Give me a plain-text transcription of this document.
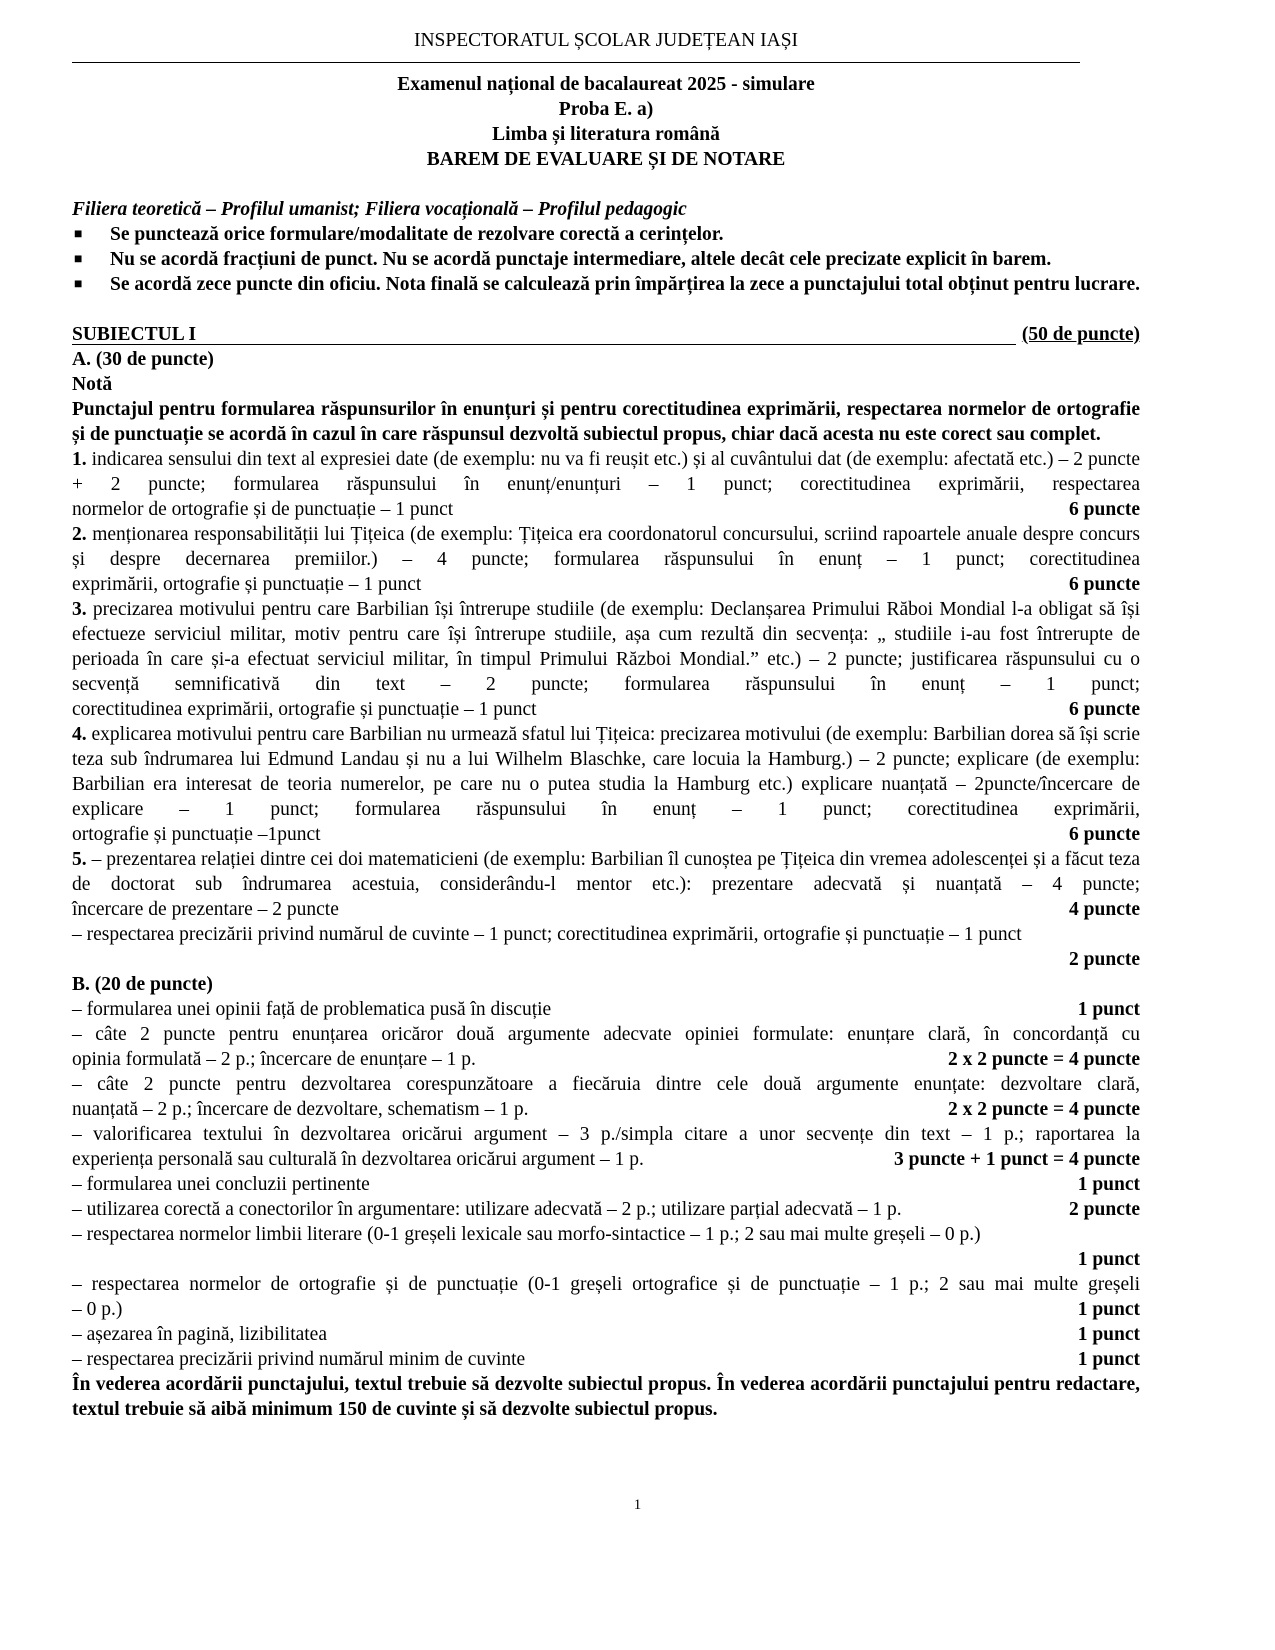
INSPECTORATUL ȘCOLAR JUDEȚEAN IAȘI
Examenul național de bacalaureat 2025 - simulare
Proba E. a)
Limba și literatura română
BAREM DE EVALUARE ȘI DE NOTARE
Filiera teoretică – Profilul umanist; Filiera vocațională – Profilul pedagogic
■	Se punctează orice formulare/modalitate de rezolvare corectă a cerințelor.
■	Nu se acordă fracțiuni de punct. Nu se acordă punctaje intermediare, altele decât cele precizate explicit în barem.
■	Se acordă zece puncte din oficiu. Nota finală se calculează prin împărțirea la zece a punctajului total obținut pentru lucrare.
SUBIECTUL I	(50 de puncte)
A. (30 de puncte)
Notă
Punctajul pentru formularea răspunsurilor în enunțuri și pentru corectitudinea exprimării, respectarea normelor de ortografie și de punctuație se acordă în cazul în care răspunsul dezvoltă subiectul propus, chiar dacă acesta nu este corect sau complet.
1. indicarea sensului din text al expresiei date (de exemplu: nu va fi reușit etc.) și al cuvântului dat (de exemplu: afectată etc.) – 2 puncte + 2 puncte; formularea răspunsului în enunț/enunțuri – 1 punct; corectitudinea exprimării, respectarea
normelor de ortografie și de punctuație – 1 punct	6 puncte
2. menționarea responsabilității lui Țițeica (de exemplu: Țițeica era coordonatorul concursului, scriind rapoartele anuale despre concurs și despre decernarea premiilor.) – 4 puncte; formularea răspunsului în enunț – 1 punct; corectitudinea
exprimării, ortografie și punctuație – 1 punct	6 puncte
3. precizarea motivului pentru care Barbilian își întrerupe studiile (de exemplu: Declanșarea Primului Răboi Mondial l-a obligat să își efectueze serviciul militar, motiv pentru care își întrerupe studiile, așa cum rezultă din secvența: „ studiile i-au fost întrerupte de perioada în care și-a efectuat serviciul militar, în timpul Primului Război Mondial.” etc.) – 2 puncte; justificarea răspunsului cu o secvență semnificativă din text – 2 puncte; formularea răspunsului în enunț – 1 punct;
corectitudinea exprimării, ortografie și punctuație – 1 punct	6 puncte
4. explicarea motivului pentru care Barbilian nu urmează sfatul lui Țițeica: precizarea motivului (de exemplu: Barbilian dorea să își scrie teza sub îndrumarea lui Edmund Landau și nu a lui Wilhelm Blaschke, care locuia la Hamburg.) – 2 puncte; explicare (de exemplu: Barbilian era interesat de teoria numerelor, pe care nu o putea studia la Hamburg etc.) explicare nuanțată – 2puncte/încercare de explicare – 1 punct; formularea răspunsului în enunț – 1 punct; corectitudinea exprimării,
ortografie și punctuație –1punct	6 puncte
5. – prezentarea relației dintre cei doi matematicieni (de exemplu: Barbilian îl cunoștea pe Țițeica din vremea adolescenței și a făcut teza de doctorat sub îndrumarea acestuia, considerându-l mentor etc.): prezentare adecvată și nuanțată – 4 puncte;
încercare de prezentare – 2 puncte	4 puncte
– respectarea precizării privind numărul de cuvinte – 1 punct; corectitudinea exprimării, ortografie și punctuație – 1 punct
2 puncte
B. (20 de puncte)
– formularea unei opinii față de problematica pusă în discuție	1 punct
– câte 2 puncte pentru enunțarea oricăror două argumente adecvate opiniei formulate: enunțare clară, în concordanță cu
opinia formulată – 2 p.; încercare de enunțare – 1 p.	2 x 2 puncte = 4 puncte
– câte 2 puncte pentru dezvoltarea corespunzătoare a fiecăruia dintre cele două argumente enunțate: dezvoltare clară,
nuanțată – 2 p.; încercare de dezvoltare, schematism – 1 p.	2 x 2 puncte = 4 puncte
– valorificarea textului în dezvoltarea oricărui argument – 3 p./simpla citare a unor secvențe din text – 1 p.; raportarea la
experiența personală sau culturală în dezvoltarea oricărui argument – 1 p.	3 puncte + 1 punct = 4 puncte
– formularea unei concluzii pertinente	1 punct
– utilizarea corectă a conectorilor în argumentare: utilizare adecvată – 2 p.; utilizare parțial adecvată – 1 p.	2 puncte
– respectarea normelor limbii literare (0-1 greșeli lexicale sau morfo-sintactice – 1 p.; 2 sau mai multe greșeli – 0 p.)
1 punct
– respectarea normelor de ortografie și de punctuație (0-1 greșeli ortografice și de punctuație – 1 p.; 2 sau mai multe greșeli
– 0 p.)	1 punct
– așezarea în pagină, lizibilitatea	1 punct
– respectarea precizării privind numărul minim de cuvinte	1 punct
În vederea acordării punctajului, textul trebuie să dezvolte subiectul propus. În vederea acordării punctajului pentru redactare, textul trebuie să aibă minimum 150 de cuvinte și să dezvolte subiectul propus.
1
